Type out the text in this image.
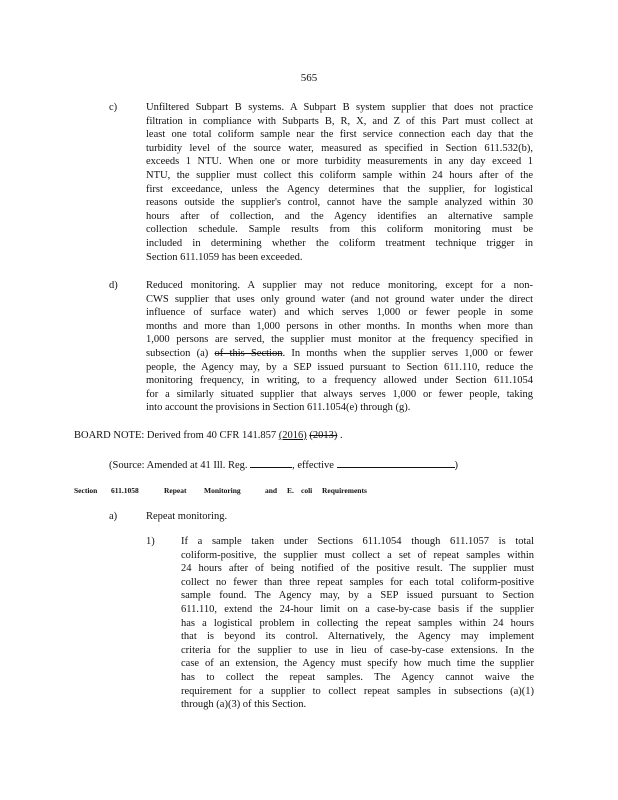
565
c)	Unfiltered Subpart B systems. A Subpart B system supplier that does not practice

filtration in compliance with Subparts B, R, X, and Z of this Part must collect at

least one total coliform sample near the first service connection each day that the

turbidity level of the source water, measured as specified in Section 611.532(b),

exceeds 1 NTU. When one or more turbidity measurements in any day exceed 1

NTU, the supplier must collect this coliform sample within 24 hours after of the

first exceedance, unless the Agency determines that the supplier, for logistical

reasons outside the supplier's control, cannot have the sample analyzed within 30

hours after of collection, and the Agency identifies an alternative sample

collection schedule. Sample results from this coliform monitoring must be

included in determining whether the coliform treatment technique trigger in

Section 611.1059 has been exceeded.

d)	Reduced monitoring. A supplier may not reduce monitoring, except for a non-

CWS supplier that uses only ground water (and not ground water under the direct

influence of surface water) and which serves 1,000 or fewer people in some

months and more than 1,000 persons in other months. In months when more than

1,000 persons are served, the supplier must monitor at the frequency specified in

subsection (a) of this Section. In months when the supplier serves 1,000 or fewer

people, the Agency may, by a SEP issued pursuant to Section 611.110, reduce the

monitoring frequency, in writing, to a frequency allowed under Section 611.1054

for a similarly situated supplier that always serves 1,000 or fewer people, taking

into account the provisions in Section 611.1054(e) through (g).

BOARD NOTE: Derived from 40 CFR 141.857 (2016) (2013) .
(Source: Amended at 41 Ill. Reg.	, effective	)

Section

611.1058

	Repeat

Monitoring

	and

E.

coli

Requirements

a)	Repeat monitoring.
1)	If a sample taken under Sections 611.1054 though 611.1057 is total

coliform-positive, the supplier must collect a set of repeat samples within

24 hours after of being notified of the positive result. The supplier must

collect no fewer than three repeat samples for each total coliform-positive

sample found. The Agency may, by a SEP issued pursuant to Section

611.110, extend the 24-hour limit on a case-by-case basis if the supplier

has a logistical problem in collecting the repeat samples within 24 hours

that is beyond its control. Alternatively, the Agency may implement

criteria for the supplier to use in lieu of case-by-case extensions. In the

case of an extension, the Agency must specify how much time the supplier

has to collect the repeat samples. The Agency cannot waive the

requirement for a supplier to collect repeat samples in subsections (a)(1)

through (a)(3) of this Section.
